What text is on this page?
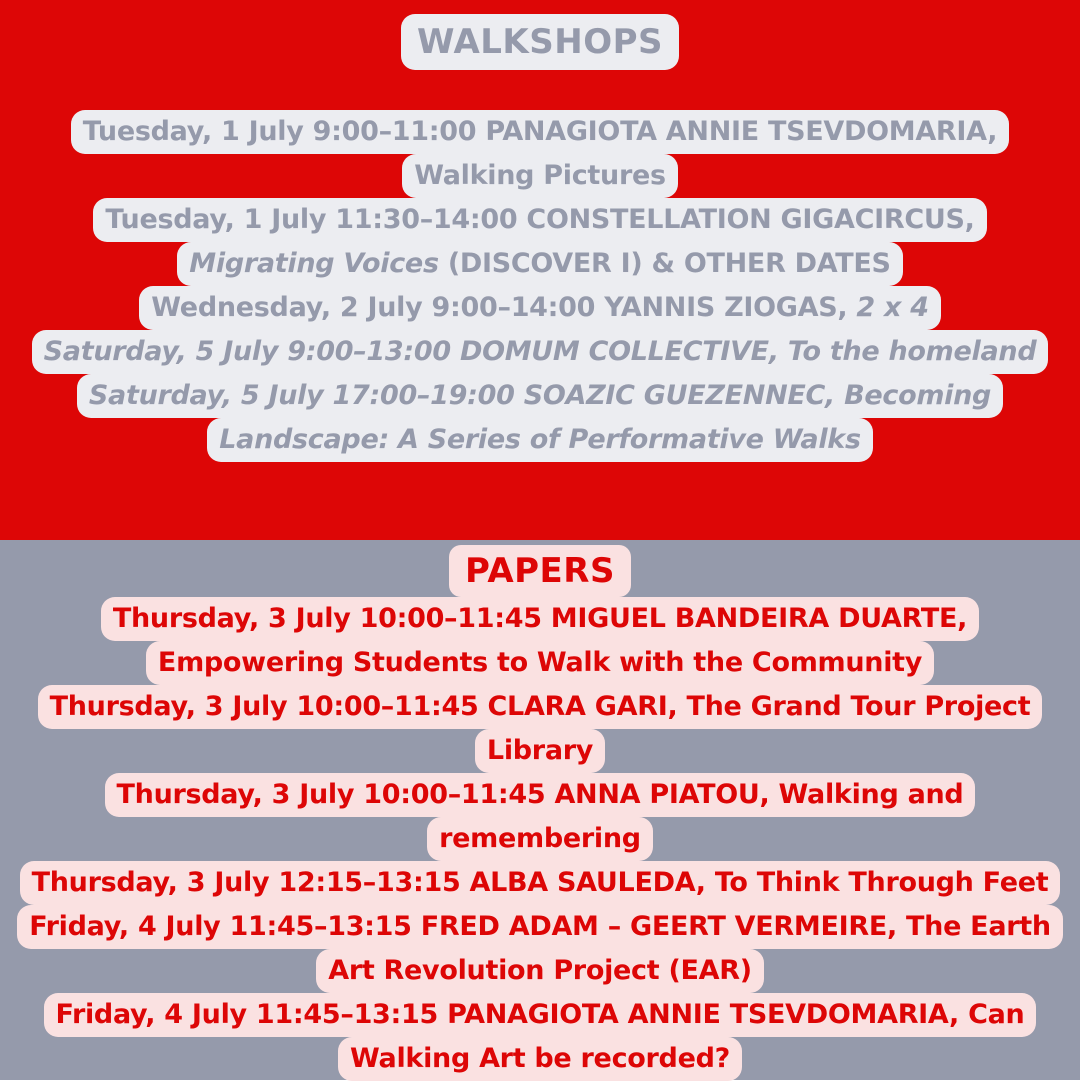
WALKSHOPS
Tuesday, 1 July 9:00–11:00 PANAGIOTA ANNIE TSEVDOMARIA,
Walking Pictures
Tuesday, 1 July 11:30–14:00 CONSTELLATION GIGACIRCUS,
Migrating Voices (DISCOVER I) & OTHER DATES
Wednesday, 2 July 9:00–14:00 YANNIS ZIOGAS, 2 x 4
Saturday, 5 July 9:00–13:00 DOMUM COLLECTIVE, To the homeland
Saturday, 5 July 17:00–19:00 SOAZIC GUEZENNEC, Becoming
Landscape: A Series of Performative Walks
PAPERS
Thursday, 3 July 10:00–11:45 MIGUEL BANDEIRA DUARTE,
Empowering Students to Walk with the Community
Thursday, 3 July 10:00–11:45 CLARA GARI, The Grand Tour Project
Library
Thursday, 3 July 10:00–11:45 ANNA PIATOU, Walking and
remembering
Thursday, 3 July 12:15–13:15 ALBA SAULEDA, To Think Through Feet
Friday, 4 July 11:45–13:15 FRED ADAM – GEERT VERMEIRE, The Earth
Art Revolution Project (EAR)
Friday, 4 July 11:45–13:15 PANAGIOTA ANNIE TSEVDOMARIA, Can
Walking Art be recorded?
